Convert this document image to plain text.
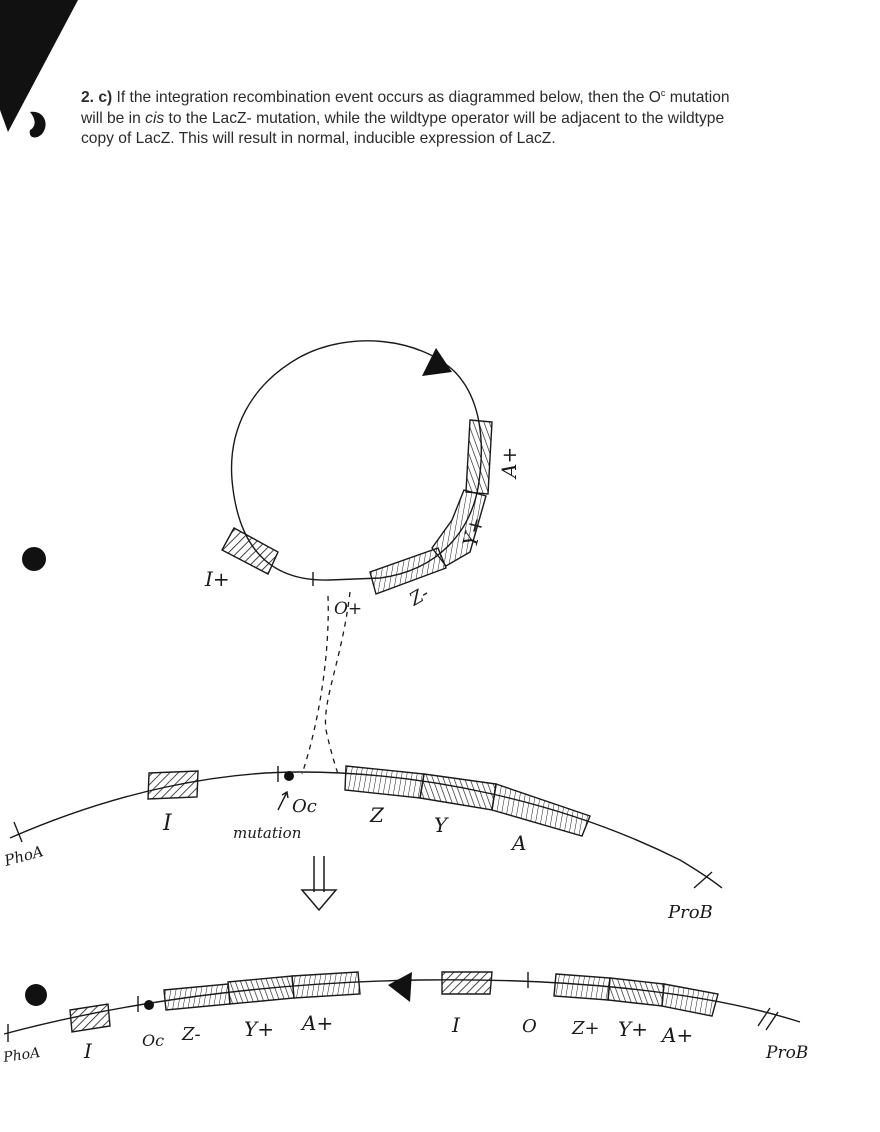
2. c) If the integration recombination event occurs as diagrammed below, then the $O^c$ mutation will be in cis to the LacZ- mutation, while the wildtype operator will be adjacent to the wildtype copy of LacZ. This will result in normal, inducible expression of LacZ.
I+
O+ Z-
Y+
A+
PhoA
I
Oc
mutation
Z	Y
A
ProB
PhoA I	Oc Z- Y+ A+	I	O Z+ Y+ A+
ProB
